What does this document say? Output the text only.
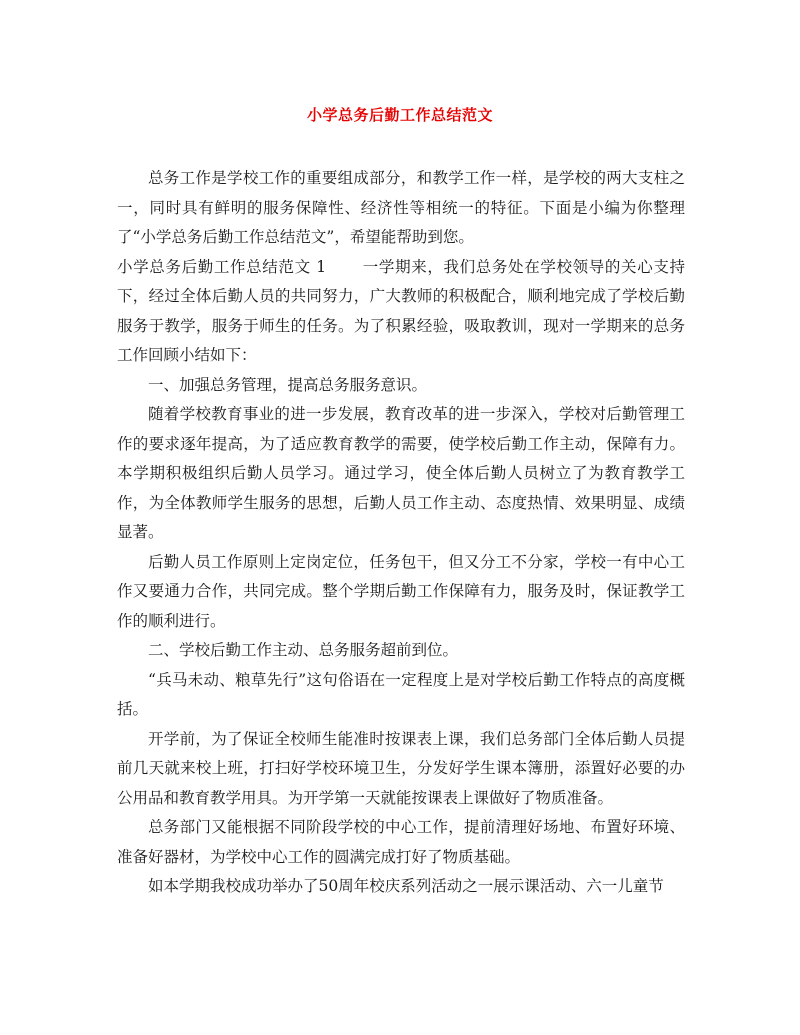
小学总务后勤工作总结范文

总务工作是学校工作的重要组成部分，和教学工作一样，是学校的两大支柱之一，同时具有鲜明的服务保障性、经济性等相统一的特征。下面是小编为你整理了“小学总务后勤工作总结范文”，希望能帮助到您。

小学总务后勤工作总结范文 1 一学期来，我们总务处在学校领导的关心支持下，经过全体后勤人员的共同努力，广大教师的积极配合，顺利地完成了学校后勤服务于教学，服务于师生的任务。为了积累经验，吸取教训，现对一学期来的总务工作回顾小结如下：

一、加强总务管理，提高总务服务意识。

随着学校教育事业的进一步发展，教育改革的进一步深入，学校对后勤管理工作的要求逐年提高，为了适应教育教学的需要，使学校后勤工作主动，保障有力。本学期积极组织后勤人员学习。通过学习，使全体后勤人员树立了为教育教学工作，为全体教师学生服务的思想，后勤人员工作主动、态度热情、效果明显、成绩显著。

后勤人员工作原则上定岗定位，任务包干，但又分工不分家，学校一有中心工作又要通力合作，共同完成。整个学期后勤工作保障有力，服务及时，保证教学工作的顺利进行。

二、学校后勤工作主动、总务服务超前到位。

“兵马未动、粮草先行”这句俗语在一定程度上是对学校后勤工作特点的高度概括。

开学前，为了保证全校师生能准时按课表上课，我们总务部门全体后勤人员提前几天就来校上班，打扫好学校环境卫生，分发好学生课本簿册，添置好必要的办公用品和教育教学用具。为开学第一天就能按课表上课做好了物质准备。

总务部门又能根据不同阶段学校的中心工作，提前清理好场地、布置好环境、准备好器材，为学校中心工作的圆满完成打好了物质基础。

如本学期我校成功举办了50周年校庆系列活动之一展示课活动、六一儿童节
